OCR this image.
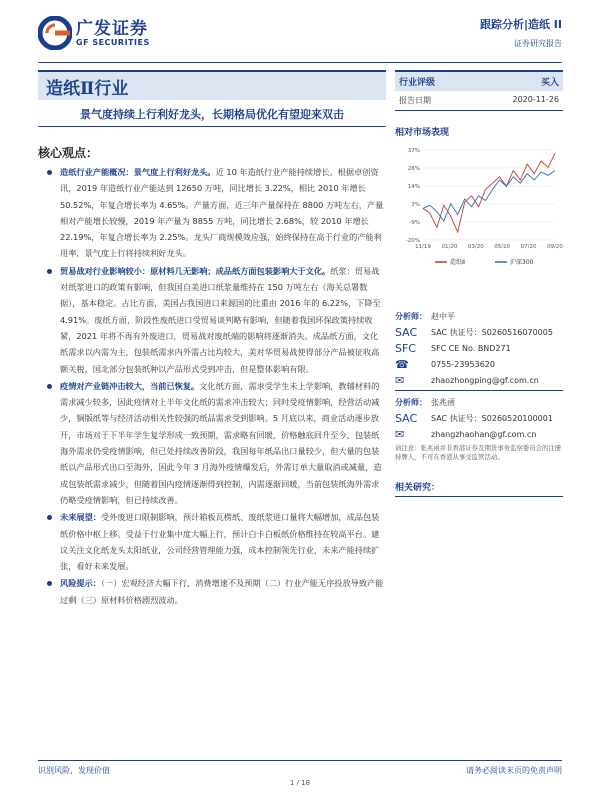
广发证券
GF SECURITIES
跟踪分析|造纸 II
证券研究报告
造纸Ⅱ行业
景气度持续上行利好龙头，长期格局优化有望迎来双击
核心观点：
造纸行业产能概况：景气度上行利好龙头。近 10 年造纸行业产能持续增长。根据卓创资讯，2019 年造纸行业产能达到 12650 万吨，同比增长 3.22%，相比 2010 年增长 50.52%，年复合增长率为 4.65%。产量方面，近三年产量保持在 8800 万吨左右，产量相对产能增长较慢，2019 年产量为 8855 万吨，同比增长 2.68%，较 2010 年增长 22.19%，年复合增长率为 2.25%。龙头厂商规模效应强，始终保持在高于行业的产能利用率，景气度上行将持续利好龙头。
贸易战对行业影响较小：原材料几无影响；成品纸方面包装影响大于文化。纸浆：贸易战对纸浆进口的政策有影响，但我国自美进口纸浆量维持在 150 万吨左右（海关总署数据），基本稳定。占比方面，美国占我国进口来源国的比重由 2016 年的 6.22%，下降至 4.91%。废纸方面，阶段性废纸进口受贸易谈判略有影响，但随着我国环保政策持续收紧，2021 年将不再有外废进口，贸易战对废纸端的影响将逐渐消失。成品纸方面，文化纸需求以内需为主，包装纸需求内外需占比均较大，美对华贸易战使得部分产品被征收高额关税，国北部分包装纸种以产品形式受到冲击，但是整体影响有限。
疫情对产业链冲击较大，当前已恢复。文化纸方面，需求受学生未上学影响，教辅材料的需求减少较多，因此疫情对上半年文化纸的需求冲击较大；同时受疫情影响，经营活动减少，铜版纸等与经济活动相关性较强的纸品需求受到影响。5 月底以来，商业活动逐步放开，市场对于下半年学生复学形成一致预期，需求略有回暖，价格触底回升至今，包装纸海外需求仍受疫情影响，但已处持续改善阶段，我国每年纸品出口量较少，但大量的包装纸以产品形式出口至海外，因此今年 3 月海外疫情爆发后，外需订单大量取消或减量，造成包装纸需求减少，但随着国内疫情逐渐得到控制，内需逐渐回暖，当前包装纸海外需求仍略受疫情影响，但已持续改善。
未来展望：受外废进口限制影响，预计箱板瓦楞纸、废纸浆进口量将大幅增加，成品包装纸价格中枢上移。受益于行业集中度大幅上行，预计白卡白板纸价格维持在较高平台。建议关注文化纸龙头太阳纸业，公司经营管理能力强，成本控制领先行业，未来产能持续扩张，看好未来发展。
风险提示：（一）宏观经济大幅下行，消费增速不及预期（二）行业产能无序投放导致产能过剩（三）原材料价格剧烈波动。
行业评级	买入
报告日期	2020-11-26
相对市场表现
37%
26%
14%
3%
-9%
-20%
11/19 01/20 03/20 05/20 07/20 09/20
造纸Ⅱ	沪深300
分析师： 赵中平
SAC	SAC 执证号：S0260516070005
SFC	SFC CE No. BND271
☎	0755-23953620
✉	zhaozhongping@gf.com.cn
分析师： 张兆函
SAC	SAC 执证号：S0260520100001
✉	zhangzhaohan@gf.com.cn
请注意：张兆函并非香港证券及期货事务监察委员会的注册持牌人，不可在香港从事受监管活动。
相关研究：
识别风险，发现价值	请务必阅读末页的免责声明
1 / 18
